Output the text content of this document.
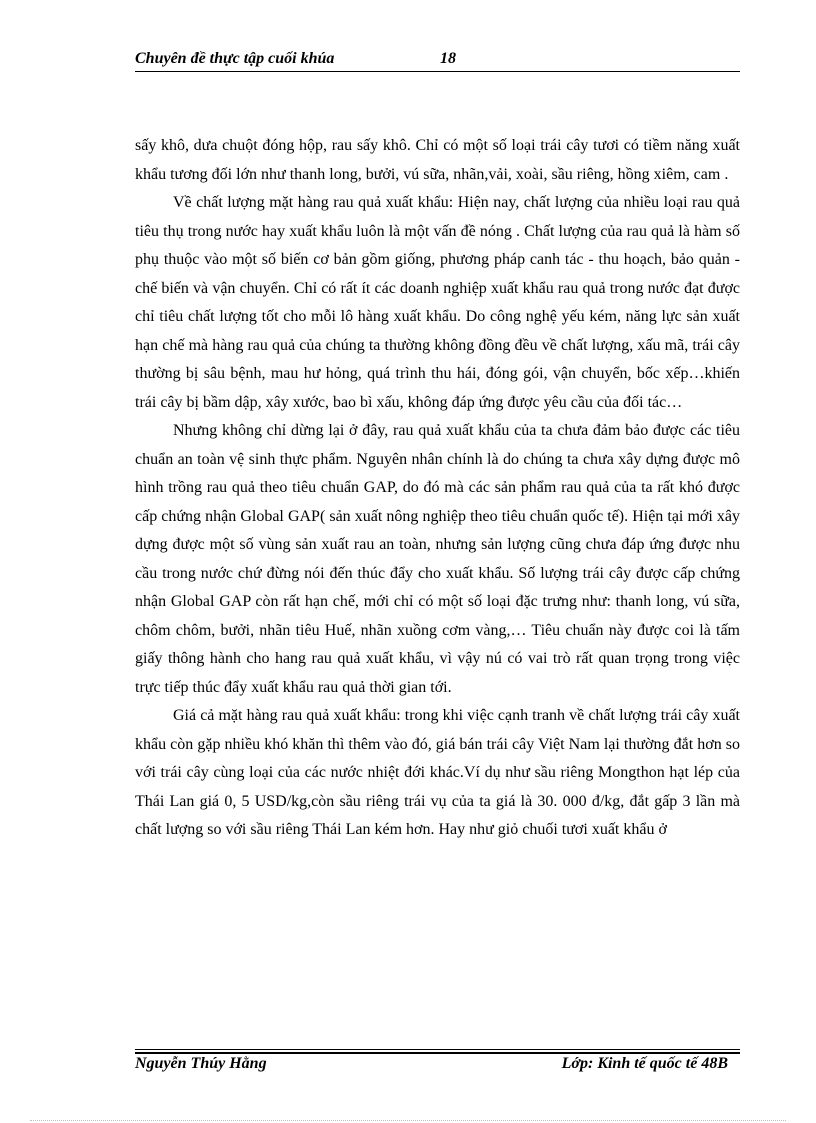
Chuyên đề thực tập cuối khúa	18

sấy khô, dưa chuột đóng hộp, rau sấy khô. Chỉ có một số loại trái cây tươi có tiềm năng xuất khẩu tương đối lớn như thanh long, bưởi, vú sữa, nhãn,vải, xoài, sầu riêng, hồng xiêm, cam .

Về chất lượng mặt hàng rau quả xuất khẩu: Hiện nay, chất lượng của nhiều loại rau quả tiêu thụ trong nước hay xuất khẩu luôn là một vấn đề nóng . Chất lượng của rau quả là hàm số phụ thuộc vào một số biến cơ bản gồm giống, phương pháp canh tác - thu hoạch, bảo quản - chế biến và vận chuyển. Chỉ có rất ít các doanh nghiệp xuất khẩu rau quả trong nước đạt được chỉ tiêu chất lượng tốt cho mỗi lô hàng xuất khẩu. Do công nghệ yếu kém, năng lực sản xuất hạn chế mà hàng rau quả của chúng ta thường không đồng đều về chất lượng, xấu mã, trái cây thường bị sâu bệnh, mau hư hỏng, quá trình thu hái, đóng gói, vận chuyển, bốc xếp…khiến trái cây bị bầm dập, xây xước, bao bì xấu, không đáp ứng được yêu cầu của đối tác…

Nhưng không chỉ dừng lại ở đây, rau quả xuất khẩu của ta chưa đảm bảo được các tiêu chuẩn an toàn vệ sinh thực phẩm. Nguyên nhân chính là do chúng ta chưa xây dựng được mô hình trồng rau quả theo tiêu chuẩn GAP, do đó mà các sản phẩm rau quả của ta rất khó được cấp chứng nhận Global GAP( sản xuất nông nghiệp theo tiêu chuẩn quốc tế). Hiện tại mới xây dựng được một số vùng sản xuất rau an toàn, nhưng sản lượng cũng chưa đáp ứng được nhu cầu trong nước chứ đừng nói đến thúc đẩy cho xuất khẩu. Số lượng trái cây được cấp chứng nhận Global GAP còn rất hạn chế, mới chỉ có một số loại đặc trưng như: thanh long, vú sữa, chôm chôm, bưởi, nhãn tiêu Huế, nhãn xuồng cơm vàng,… Tiêu chuẩn này được coi là tấm giấy thông hành cho hang rau quả xuất khẩu, vì vậy nú có vai trò rất quan trọng trong việc trực tiếp thúc đẩy xuất khẩu rau quả thời gian tới.

Giá cả mặt hàng rau quả xuất khẩu: trong khi việc cạnh tranh về chất lượng trái cây xuất khẩu còn gặp nhiều khó khăn thì thêm vào đó, giá bán trái cây Việt Nam lại thường đắt hơn so với trái cây cùng loại của các nước nhiệt đới khác.Ví dụ như sầu riêng Mongthon hạt lép của Thái Lan giá 0, 5 USD/kg,còn sầu riêng trái vụ của ta giá là 30. 000 đ/kg, đắt gấp 3 lần mà chất lượng so với sầu riêng Thái Lan kém hơn. Hay như giỏ chuối tươi xuất khẩu ở

Nguyễn Thúy Hằng	Lớp: Kinh tế quốc tế 48B
